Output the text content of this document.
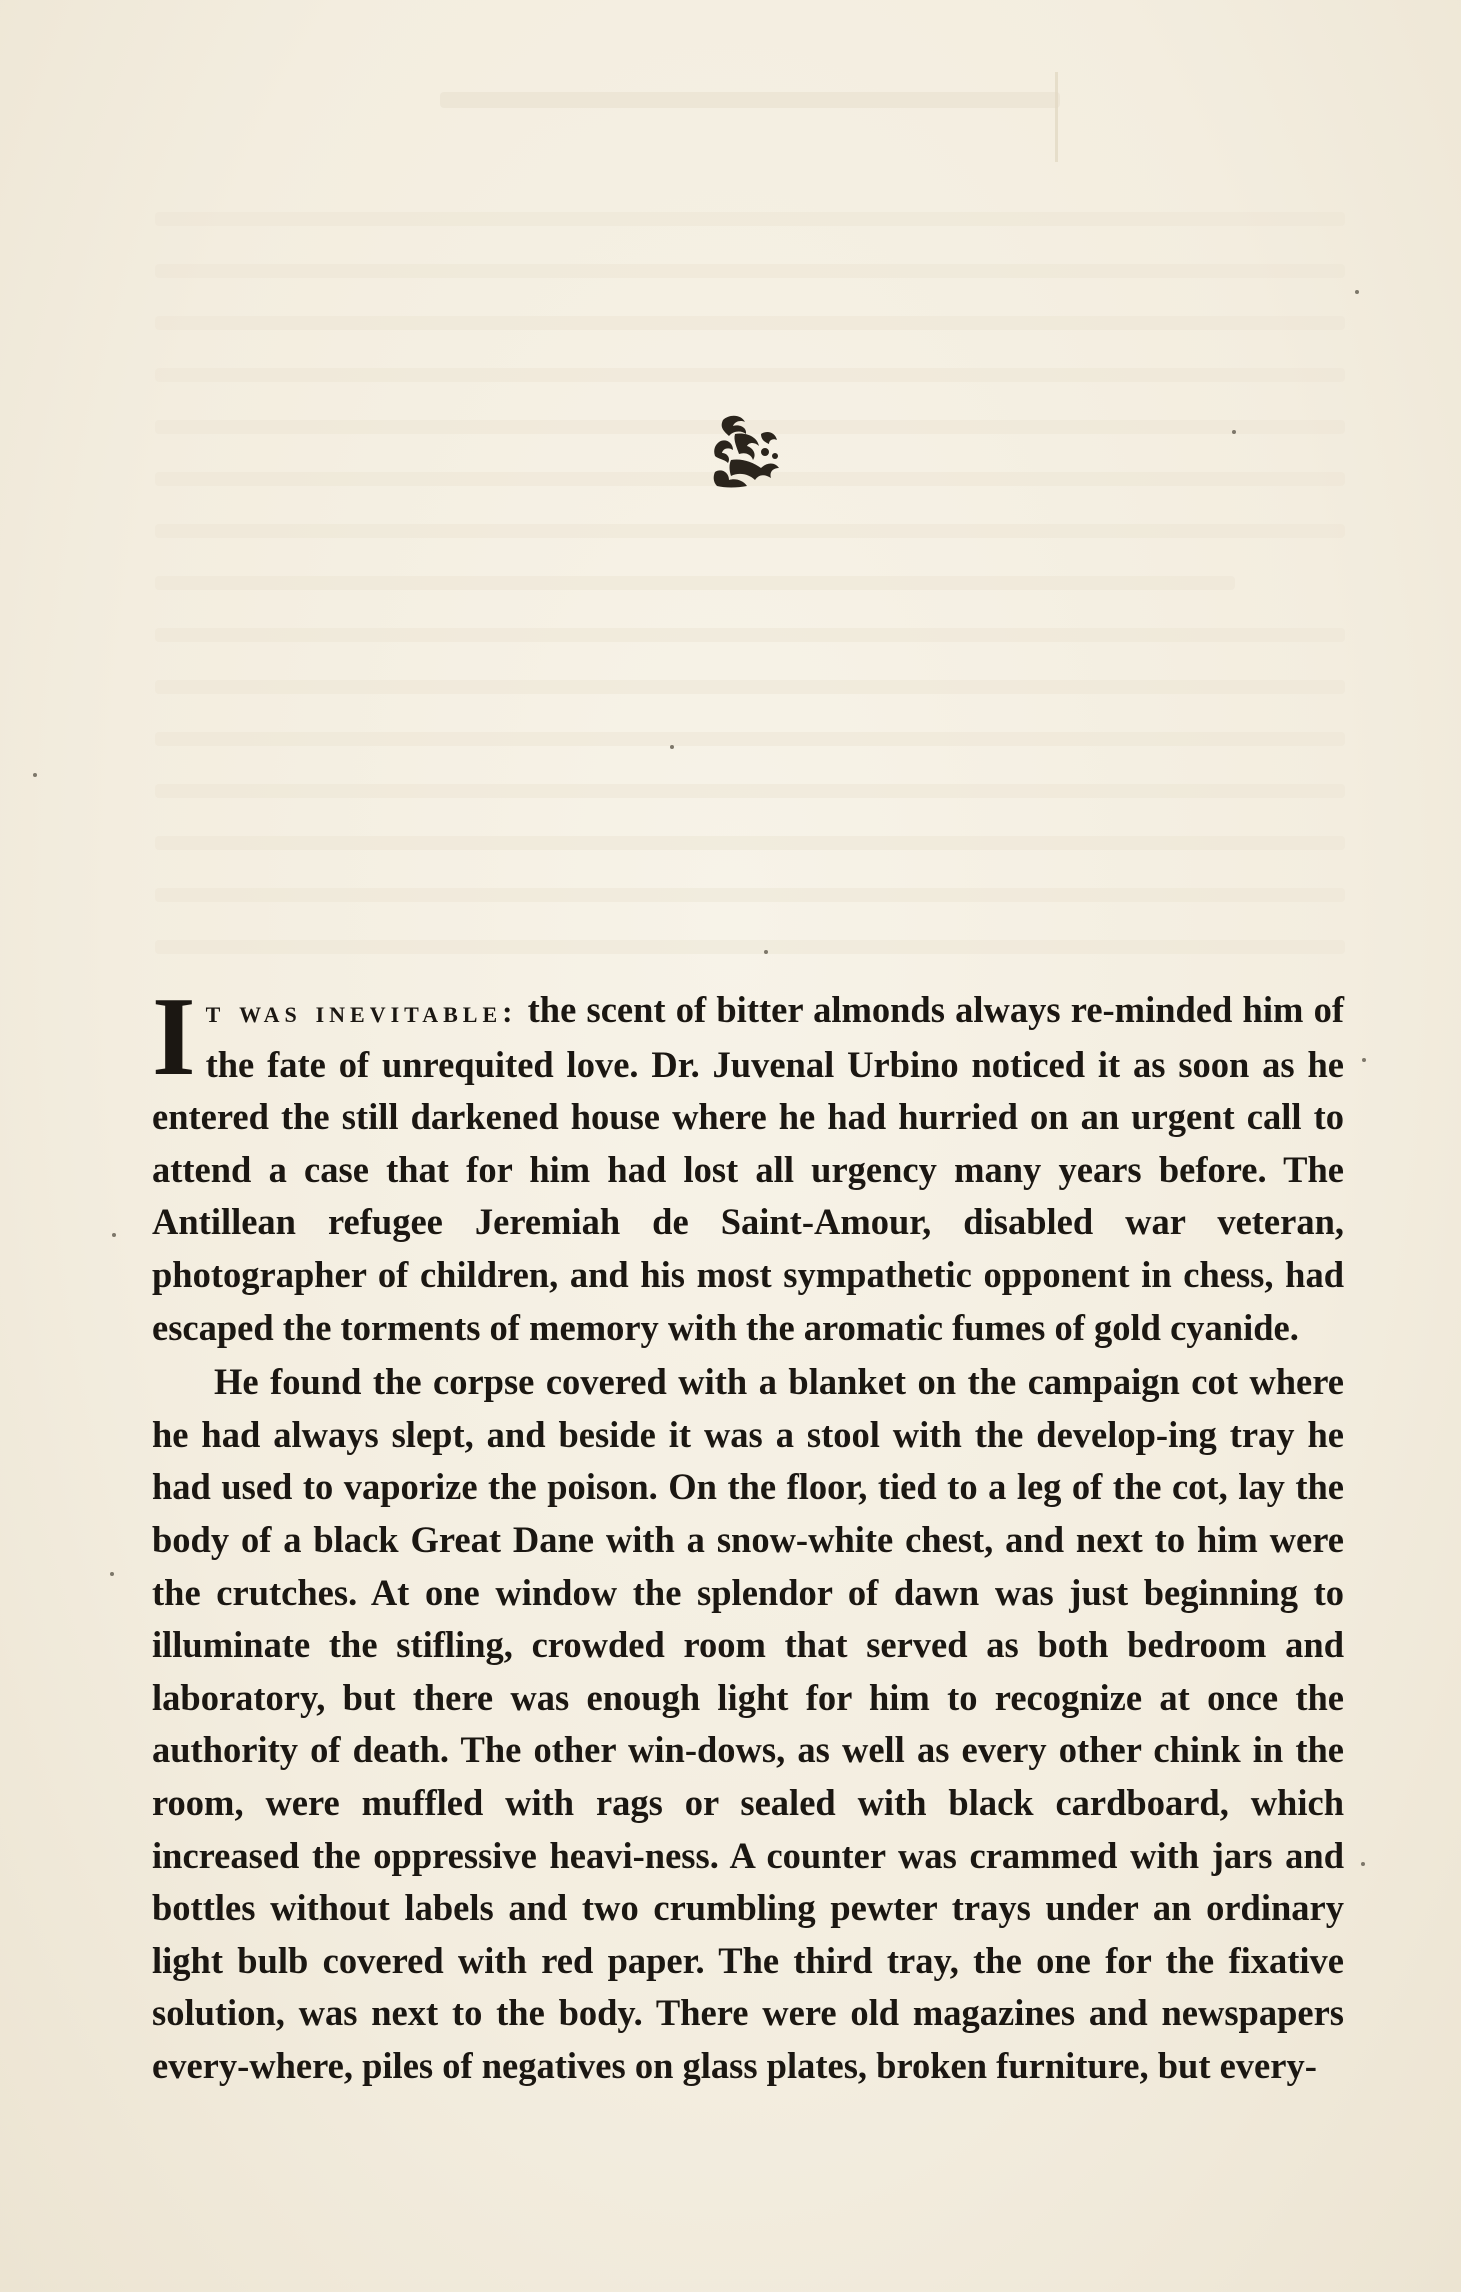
It was inevitable: the scent of bitter almonds always re-minded him of the fate of unrequited love. Dr. Juvenal Urbino noticed it as soon as he entered the still darkened house where he had hurried on an urgent call to attend a case that for him had lost all urgency many years before. The Antillean refugee Jeremiah de Saint-Amour, disabled war veteran, photographer of children, and his most sympathetic opponent in chess, had escaped the torments of memory with the aromatic fumes of gold cyanide.

He found the corpse covered with a blanket on the campaign cot where he had always slept, and beside it was a stool with the develop-ing tray he had used to vaporize the poison. On the floor, tied to a leg of the cot, lay the body of a black Great Dane with a snow-white chest, and next to him were the crutches. At one window the splendor of dawn was just beginning to illuminate the stifling, crowded room that served as both bedroom and laboratory, but there was enough light for him to recognize at once the authority of death. The other win-dows, as well as every other chink in the room, were muffled with rags or sealed with black cardboard, which increased the oppressive heavi-ness. A counter was crammed with jars and bottles without labels and two crumbling pewter trays under an ordinary light bulb covered with red paper. The third tray, the one for the fixative solution, was next to the body. There were old magazines and newspapers every-where, piles of negatives on glass plates, broken furniture, but every-
